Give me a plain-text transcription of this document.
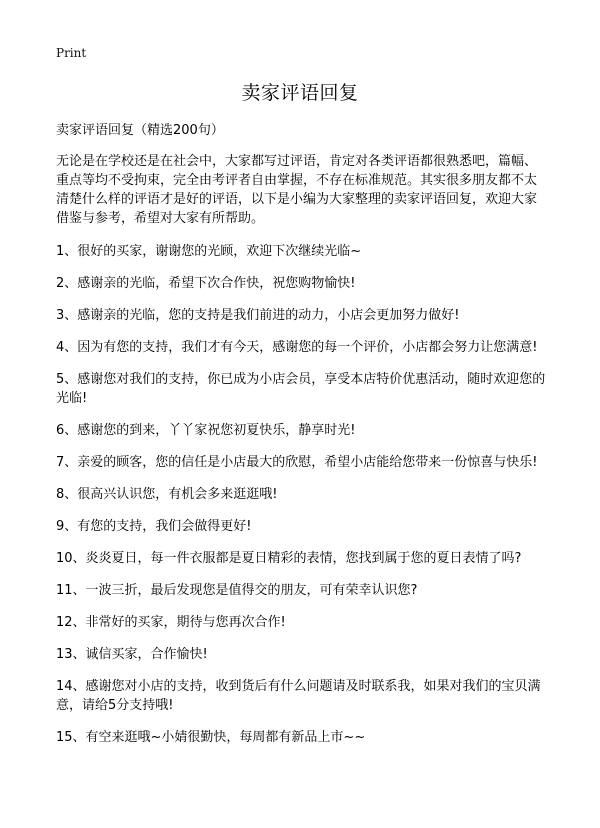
Print
卖家评语回复

卖家评语回复（精选200句）

无论是在学校还是在社会中，大家都写过评语，肯定对各类评语都很熟悉吧，篇幅、重点等均不受拘束，完全由考评者自由掌握，不存在标准规范。其实很多朋友都不太清楚什么样的评语才是好的评语，以下是小编为大家整理的卖家评语回复，欢迎大家借鉴与参考，希望对大家有所帮助。

1、很好的买家，谢谢您的光顾，欢迎下次继续光临~

2、感谢亲的光临，希望下次合作快，祝您购物愉快!

3、感谢亲的光临，您的支持是我们前进的动力，小店会更加努力做好!

4、因为有您的支持，我们才有今天，感谢您的每一个评价，小店都会努力让您满意!

5、感谢您对我们的支持，你已成为小店会员，享受本店特价优惠活动，随时欢迎您的光临!

6、感谢您的到来，丫丫家祝您初夏快乐，静享时光!

7、亲爱的顾客，您的信任是小店最大的欣慰，希望小店能给您带来一份惊喜与快乐!

8、很高兴认识您，有机会多来逛逛哦!

9、有您的支持，我们会做得更好!

10、炎炎夏日，每一件衣服都是夏日精彩的表情，您找到属于您的夏日表情了吗?

11、一波三折，最后发现您是值得交的朋友，可有荣幸认识您?

12、非常好的买家，期待与您再次合作!

13、诚信买家，合作愉快!

14、感谢您对小店的支持，收到货后有什么问题请及时联系我，如果对我们的宝贝满意，请给5分支持哦!

15、有空来逛哦~小婧很勤快，每周都有新品上市~~
